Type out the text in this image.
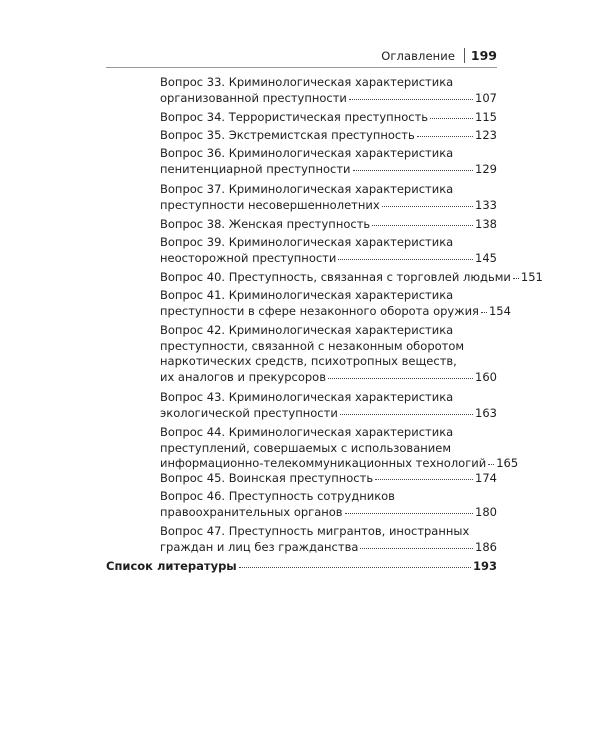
Оглавление 199
Вопрос 33. Криминологическая характеристика
организованной преступности	107
Вопрос 34. Террористическая преступность	115
Вопрос 35. Экстремистская преступность	123
Вопрос 36. Криминологическая характеристика
пенитенциарной преступности	129
Вопрос 37. Криминологическая характеристика
преступности несовершеннолетних	133
Вопрос 38. Женская преступность	138
Вопрос 39. Криминологическая характеристика
неосторожной преступности	145
Вопрос 40. Преступность, связанная с торговлей людьми 151
Вопрос 41. Криминологическая характеристика
преступности в сфере незаконного оборота оружия 154
Вопрос 42. Криминологическая характеристика
преступности, связанной с незаконным оборотом
наркотических средств, психотропных веществ,
их аналогов и прекурсоров	160
Вопрос 43. Криминологическая характеристика
экологической преступности	163
Вопрос 44. Криминологическая характеристика
преступлений, совершаемых с использованием
информационно-телекоммуникационных технологий 165
Вопрос 45. Воинская преступность	174
Вопрос 46. Преступность сотрудников
правоохранительных органов	180
Вопрос 47. Преступность мигрантов, иностранных
граждан и лиц без гражданства	186
Список литературы	193
